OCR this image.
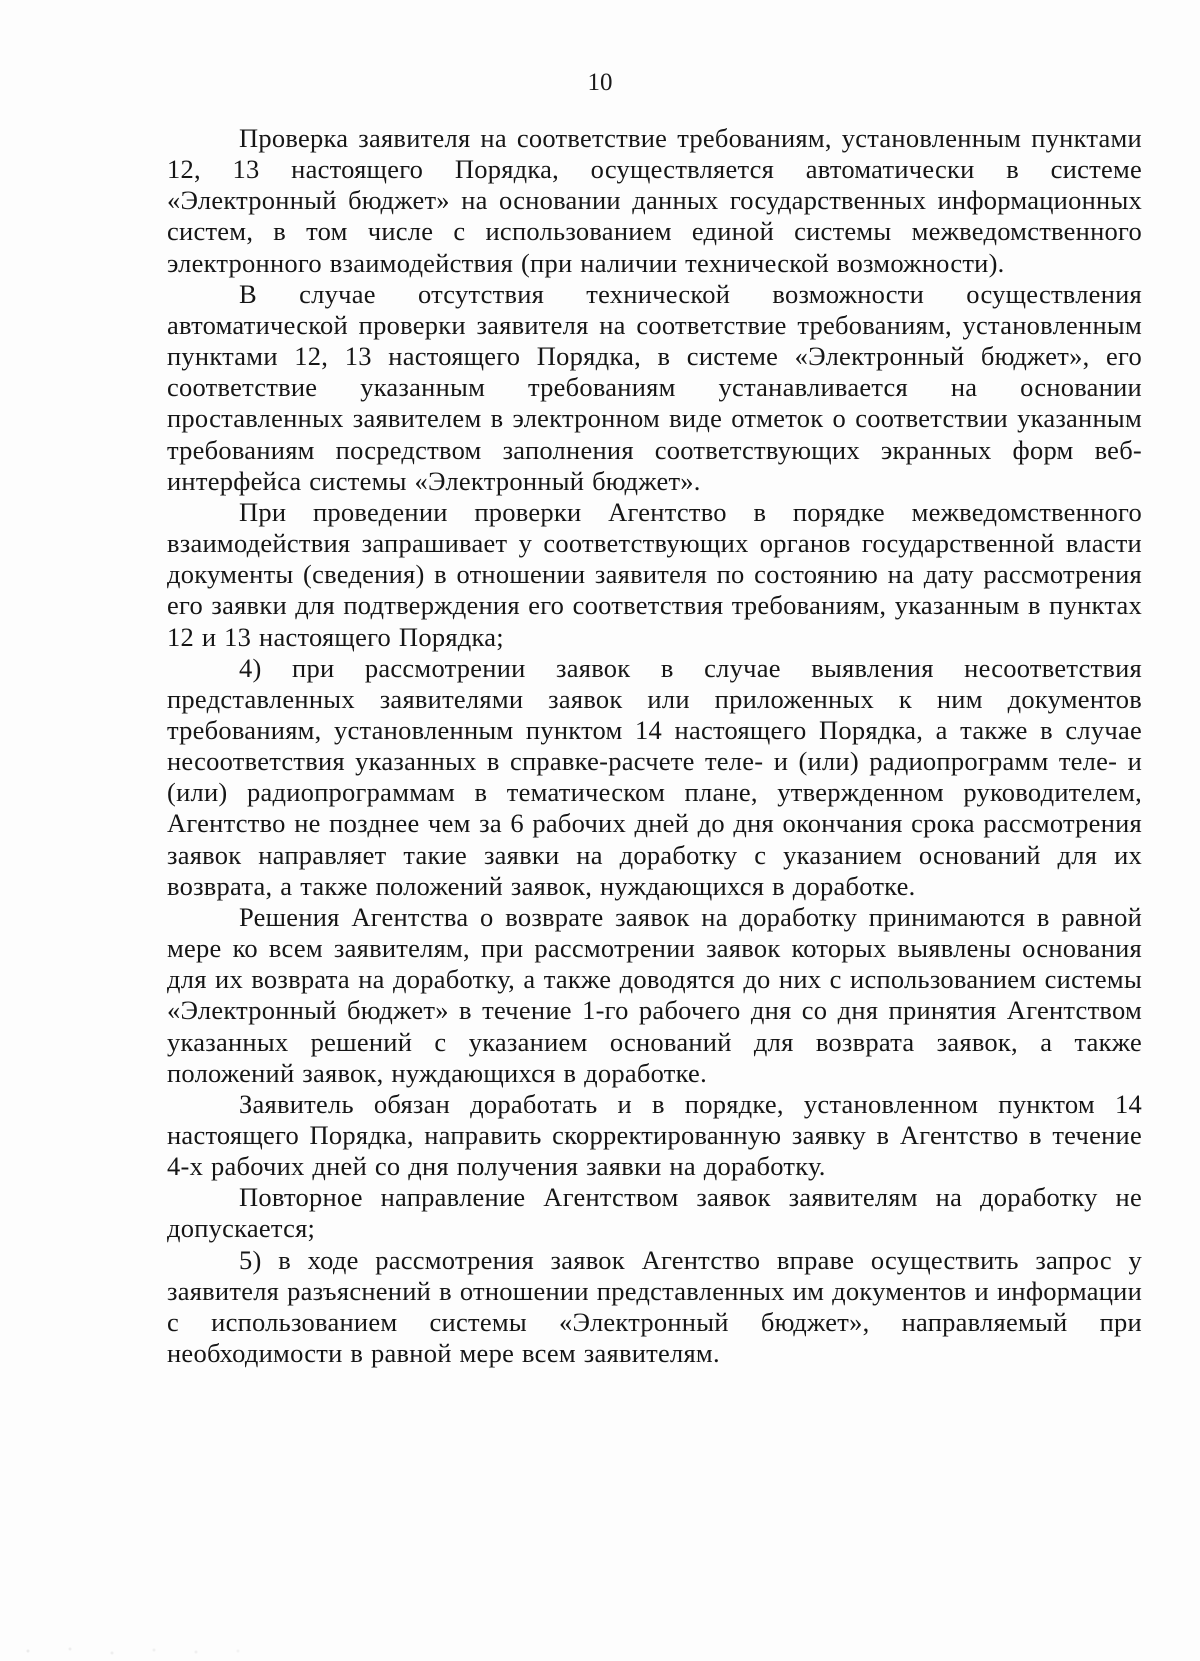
10

Проверка заявителя на соответствие требованиям, установленным пунктами 12, 13 настоящего Порядка, осуществляется автоматически в системе «Электронный бюджет» на основании данных государственных информационных систем, в том числе с использованием единой системы межведомственного электронного взаимодействия (при наличии технической возможности).

В случае отсутствия технической возможности осуществления автоматической проверки заявителя на соответствие требованиям, установленным пунктами 12, 13 настоящего Порядка, в системе «Электронный бюджет», его соответствие указанным требованиям устанавливается на основании проставленных заявителем в электронном виде отметок о соответствии указанным требованиям посредством заполнения соответствующих экранных форм веб-интерфейса системы «Электронный бюджет».

При проведении проверки Агентство в порядке межведомственного взаимодействия запрашивает у соответствующих органов государственной власти документы (сведения) в отношении заявителя по состоянию на дату рассмотрения его заявки для подтверждения его соответствия требованиям, указанным в пунктах 12 и 13 настоящего Порядка;

4) при рассмотрении заявок в случае выявления несоответствия представленных заявителями заявок или приложенных к ним документов требованиям, установленным пунктом 14 настоящего Порядка, а также в случае несоответствия указанных в справке-расчете теле- и (или) радиопрограмм теле- и (или) радиопрограммам в тематическом плане, утвержденном руководителем, Агентство не позднее чем за 6 рабочих дней до дня окончания срока рассмотрения заявок направляет такие заявки на доработку с указанием оснований для их возврата, а также положений заявок, нуждающихся в доработке.

Решения Агентства о возврате заявок на доработку принимаются в равной мере ко всем заявителям, при рассмотрении заявок которых выявлены основания для их возврата на доработку, а также доводятся до них с использованием системы «Электронный бюджет» в течение 1-го рабочего дня со дня принятия Агентством указанных решений с указанием оснований для возврата заявок, а также положений заявок, нуждающихся в доработке.

Заявитель обязан доработать и в порядке, установленном пунктом 14 настоящего Порядка, направить скорректированную заявку в Агентство в течение 4-х рабочих дней со дня получения заявки на доработку.

Повторное направление Агентством заявок заявителям на доработку не допускается;

5) в ходе рассмотрения заявок Агентство вправе осуществить запрос у заявителя разъяснений в отношении представленных им документов и информации с использованием системы «Электронный бюджет», направляемый при необходимости в равной мере всем заявителям.
